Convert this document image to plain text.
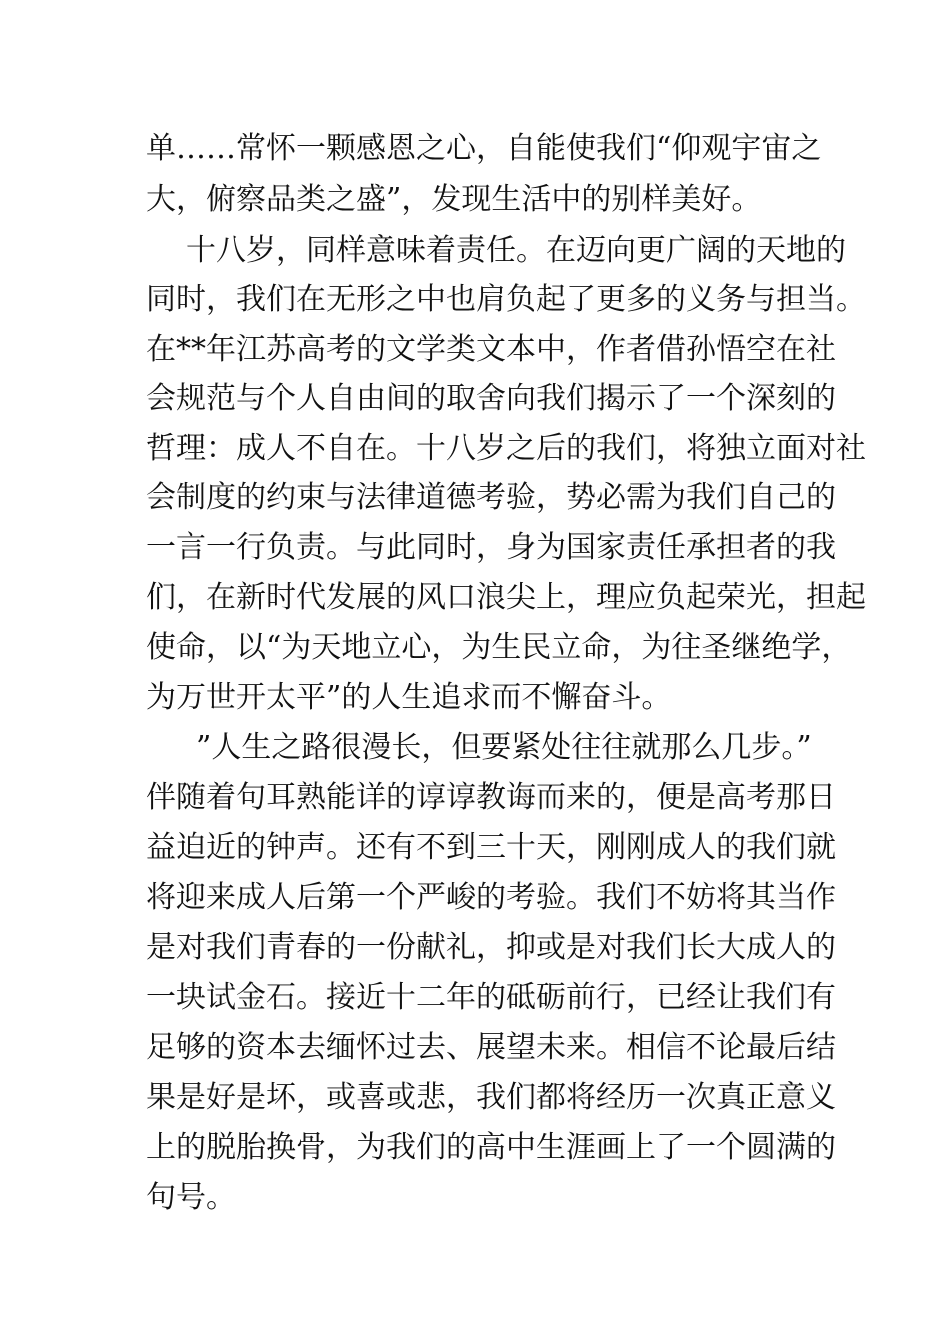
单……常怀一颗感恩之心，自能使我们“仰观宇宙之
大，俯察品类之盛”，发现生活中的别样美好。
十八岁，同样意味着责任。在迈向更广阔的天地的
同时，我们在无形之中也肩负起了更多的义务与担当。
在**年江苏高考的文学类文本中，作者借孙悟空在社
会规范与个人自由间的取舍向我们揭示了一个深刻的
哲理：成人不自在。十八岁之后的我们，将独立面对社
会制度的约束与法律道德考验，势必需为我们自己的
一言一行负责。与此同时，身为国家责任承担者的我
们，在新时代发展的风口浪尖上，理应负起荣光，担起
使命，以“为天地立心，为生民立命，为往圣继绝学，
为万世开太平”的人生追求而不懈奋斗。
”人生之路很漫长，但要紧处往往就那么几步。”
伴随着句耳熟能详的谆谆教诲而来的，便是高考那日
益迫近的钟声。还有不到三十天，刚刚成人的我们就
将迎来成人后第一个严峻的考验。我们不妨将其当作
是对我们青春的一份献礼，抑或是对我们长大成人的
一块试金石。接近十二年的砥砺前行，已经让我们有
足够的资本去缅怀过去、展望未来。相信不论最后结
果是好是坏，或喜或悲，我们都将经历一次真正意义
上的脱胎换骨，为我们的高中生涯画上了一个圆满的
句号。
